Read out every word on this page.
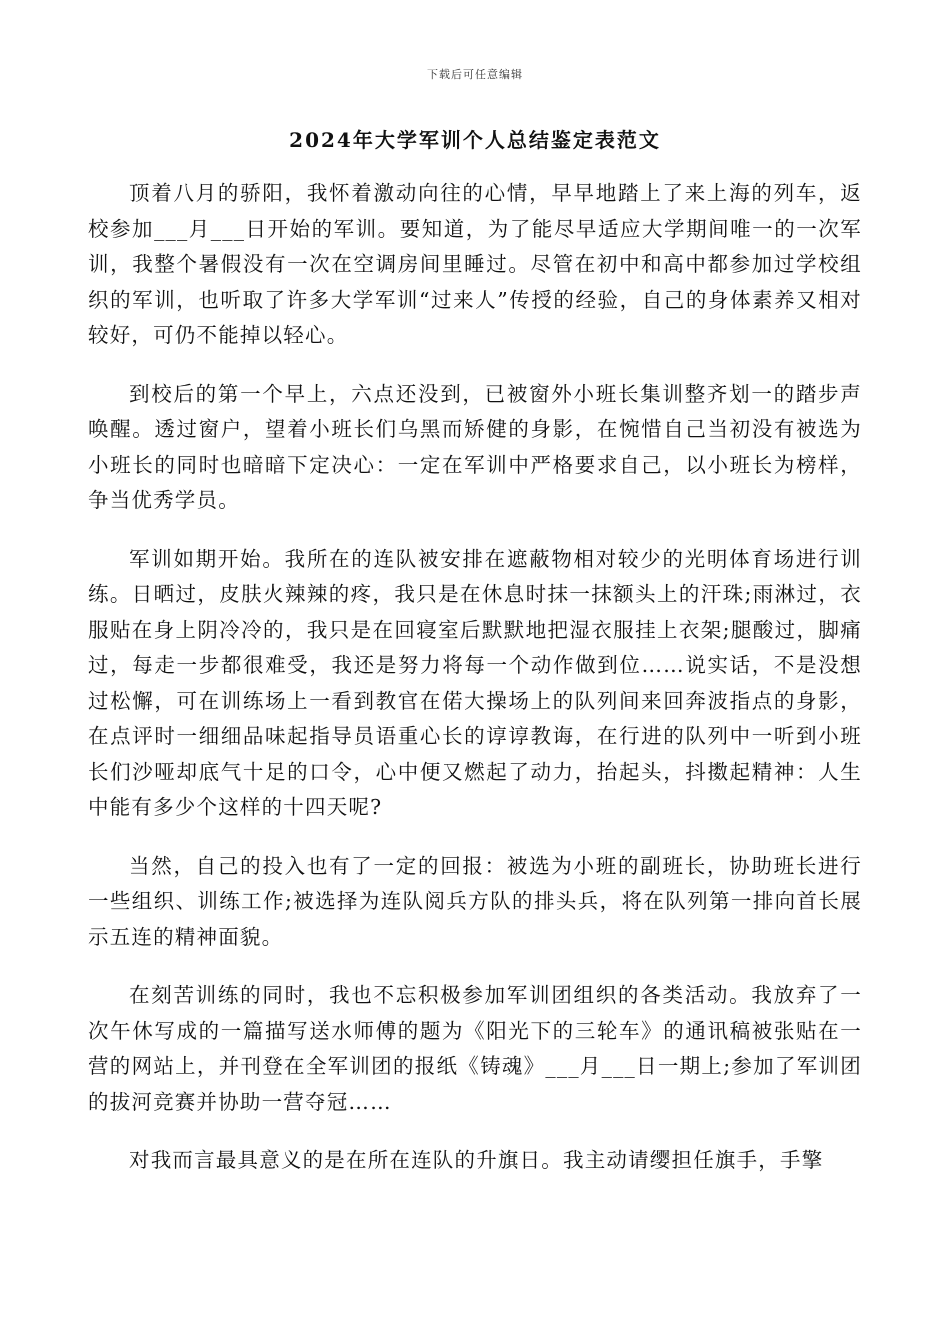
下载后可任意编辑
2024年大学军训个人总结鉴定表范文

顶着八月的骄阳，我怀着激动向往的心情，早早地踏上了来上海的列车，返校参加___月___日开始的军训。要知道，为了能尽早适应大学期间唯一的一次军训，我整个暑假没有一次在空调房间里睡过。尽管在初中和高中都参加过学校组织的军训，也听取了许多大学军训“过来人”传授的经验，自己的身体素养又相对较好，可仍不能掉以轻心。

到校后的第一个早上，六点还没到，已被窗外小班长集训整齐划一的踏步声唤醒。透过窗户，望着小班长们乌黑而矫健的身影，在惋惜自己当初没有被选为小班长的同时也暗暗下定决心：一定在军训中严格要求自己，以小班长为榜样，争当优秀学员。

军训如期开始。我所在的连队被安排在遮蔽物相对较少的光明体育场进行训练。日晒过，皮肤火辣辣的疼，我只是在休息时抹一抹额头上的汗珠;雨淋过，衣服贴在身上阴冷冷的，我只是在回寝室后默默地把湿衣服挂上衣架;腿酸过，脚痛过，每走一步都很难受，我还是努力将每一个动作做到位……说实话，不是没想过松懈，可在训练场上一看到教官在偌大操场上的队列间来回奔波指点的身影，在点评时一细细品味起指导员语重心长的谆谆教诲，在行进的队列中一听到小班长们沙哑却底气十足的口令，心中便又燃起了动力，抬起头，抖擞起精神：人生中能有多少个这样的十四天呢?

当然，自己的投入也有了一定的回报：被选为小班的副班长，协助班长进行一些组织、训练工作;被选择为连队阅兵方队的排头兵，将在队列第一排向首长展示五连的精神面貌。

在刻苦训练的同时，我也不忘积极参加军训团组织的各类活动。我放弃了一次午休写成的一篇描写送水师傅的题为《阳光下的三轮车》的通讯稿被张贴在一营的网站上，并刊登在全军训团的报纸《铸魂》___月___日一期上;参加了军训团的拔河竞赛并协助一营夺冠……

对我而言最具意义的是在所在连队的升旗日。我主动请缨担任旗手，手擎
